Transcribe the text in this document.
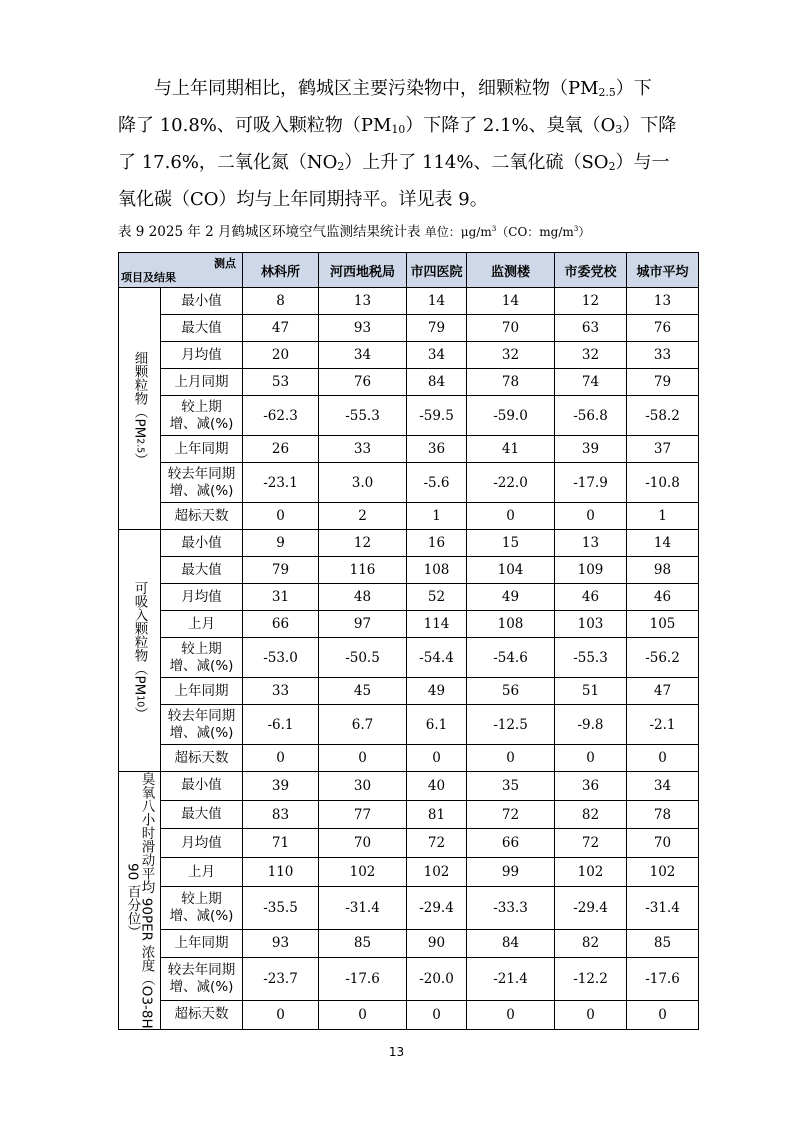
与上年同期相比，鹤城区主要污染物中，细颗粒物$(PM_{2.5})$下

降了 10.8%、可吸入颗粒物$(PM_{10})$下降了 2.1%、臭氧$(O_3)$下降

了 17.6%，二氧化氮$(NO_2)$上升了 114%、二氧化硫$(SO_2)$与一

氧化碳（CO）均与上年同期持平。详见表 9。

表 9 2025 年 2 月鹤城区环境空气监测结果统计表 单位：$\mu g/m^3(CO$：$mg/m^3$）
测点
项目及结果		林科所	河西地税局	市四医院	监测楼	市委党校	城市平均

细颗粒物（PM2.5）	最小值	8	13	14	14	12	13
	最大值	47	93	79	70	63	76
	月均值	20	34	34	32	32	33
	上月同期	53	76	84	78	74	79
	较上期
增、减(%)	-62.3	-55.3	-59.5	-59.0	-56.8	-58.2
	上年同期	26	33	36	41	39	37
	较去年同期
增、减(%)	-23.1	3.0	-5.6	-22.0	-17.9	-10.8
	超标天数	0	2	1	0	0	1

可吸入颗粒物（PM10）	最小值	9	12	16	15	13	14
	最大值	79	116	108	104	109	98
	月均值	31	48	52	49	46	46
	上月	66	97	114	108	103	105
	较上期
增、减(%)	-53.0	-50.5	-54.4	-54.6	-55.3	-56.2
	上年同期	33	45	49	56	51	47
	较去年同期
增、减(%)	-6.1	6.7	6.1	-12.5	-9.8	-2.1
	超标天数	0	0	0	0	0	0

臭氧八小时滑动平均 90PER 浓度（O3-8H
90 百分位）	最小值	39	30	40	35	36	34
	最大值	83	77	81	72	82	78
	月均值	71	70	72	66	72	70
	上月	110	102	102	99	102	102
	较上期
增、减(%)	-35.5	-31.4	-29.4	-33.3	-29.4	-31.4
	上年同期	93	85	90	84	82	85
	较去年同期
增、减(%)	-23.7	-17.6	-20.0	-21.4	-12.2	-17.6
	超标天数	0	0	0	0	0	0
13
